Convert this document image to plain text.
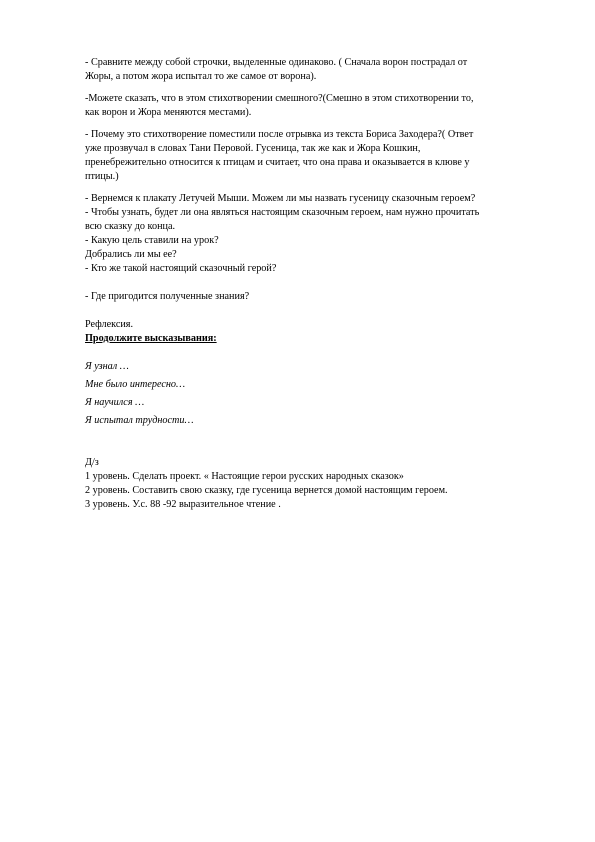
- Сравните между собой строчки, выделенные одинаково. ( Сначала ворон пострадал от

Жоры, а потом жора испытал то же самое от ворона).

-Можете сказать, что в этом стихотворении смешного?(Смешно в этом стихотворении то,

как ворон и Жора меняются местами).

- Почему это стихотворение поместили после отрывка из текста Бориса Заходера?( Ответ

уже прозвучал в словах Тани Перовой. Гусеница, так же как и Жора Кошкин,

пренебрежительно относится к птицам и считает, что она права и оказывается в клюве у

птицы.)

- Вернемся к плакату Летучей Мыши. Можем ли мы назвать гусеницу сказочным героем?

- Чтобы узнать, будет ли она являться настоящим сказочным героем, нам нужно прочитать

всю сказку до конца.

- Какую цель ставили на урок?

Добрались ли мы ее?

- Кто же такой настоящий сказочный герой?

- Где пригодится полученные знания?

Рефлексия.

Продолжите высказывания:

Я узнал …

Мне было интересно…

Я научился …

Я испытал трудности…

Д/з

1 уровень. Сделать проект. « Настоящие герои русских народных сказок»

2 уровень. Составить свою сказку, где гусеница вернется домой настоящим героем.

3 уровень. У.с. 88 -92 выразительное чтение .
